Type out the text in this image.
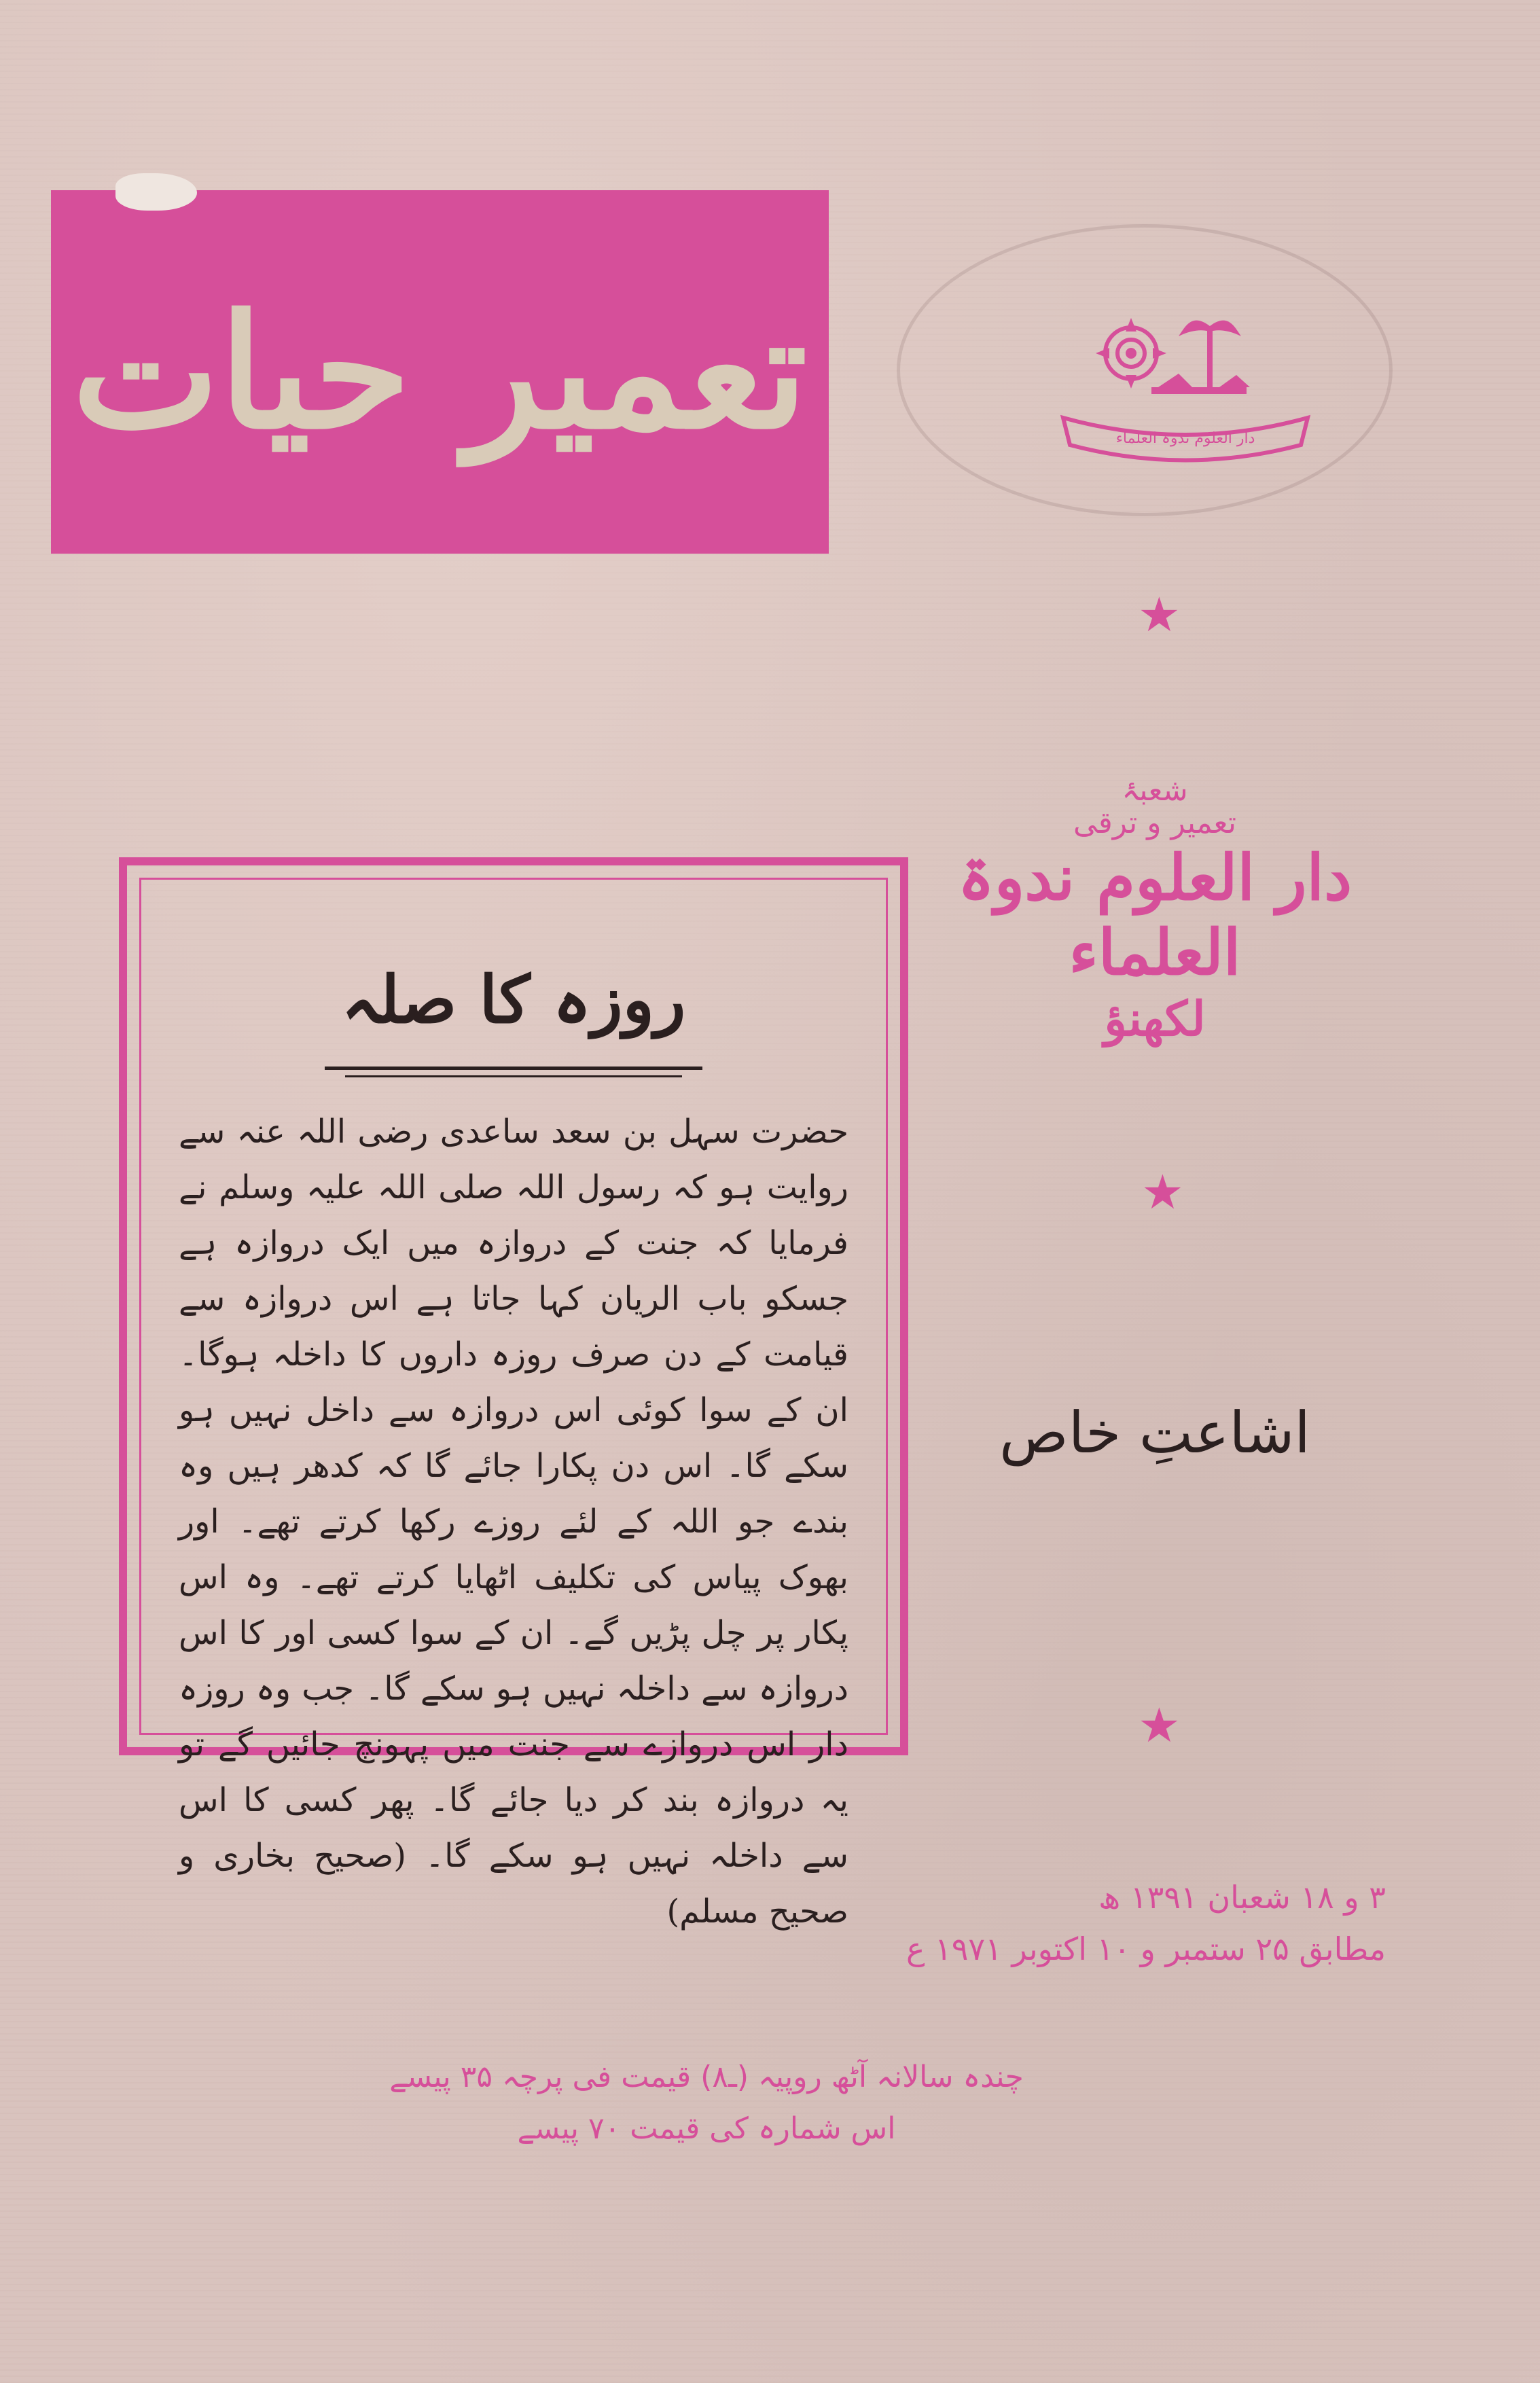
تعمیر حیات	دار العلوم ندوۃ العلماء
★
شعبۂ
تعمیر و ترقی
دار العلوم ندوۃ العلماء
لکھنؤ
★
اشاعتِ خاص
★
روزہ کا صلہ
حضرت سہل بن سعد ساعدی رضی اللہ عنہ سے روایت ہو کہ رسول اللہ صلی اللہ علیہ وسلم نے فرمایا کہ جنت کے دروازہ میں ایک دروازہ ہے جسکو باب الریان کہا جاتا ہے اس دروازہ سے قیامت کے دن صرف روزہ داروں کا داخلہ ہوگا۔ ان کے سوا کوئی اس دروازہ سے داخل نہیں ہو سکے گا۔ اس دن پکارا جائے گا کہ کدھر ہیں وہ بندے جو اللہ کے لئے روزے رکھا کرتے تھے۔ اور بھوک پیاس کی تکلیف اٹھایا کرتے تھے۔ وہ اس پکار پر چل پڑیں گے۔ ان کے سوا کسی اور کا اس دروازہ سے داخلہ نہیں ہو سکے گا۔ جب وہ روزہ دار اس دروازے سے جنت میں پہونچ جائیں گے تو یہ دروازہ بند کر دیا جائے گا۔ پھر کسی کا اس سے داخلہ نہیں ہو سکے گا۔ (صحیح بخاری و صحیح مسلم)	۳ و ۱۸ شعبان ۱۳۹۱ ھ
مطابق ۲۵ ستمبر و ۱۰ اکتوبر ۱۹۷۱ ع
چندہ سالانہ آٹھ روپیہ (ـ۸) قیمت فی پرچہ ۳۵ پیسے
اس شمارہ کی قیمت ۷۰ پیسے
